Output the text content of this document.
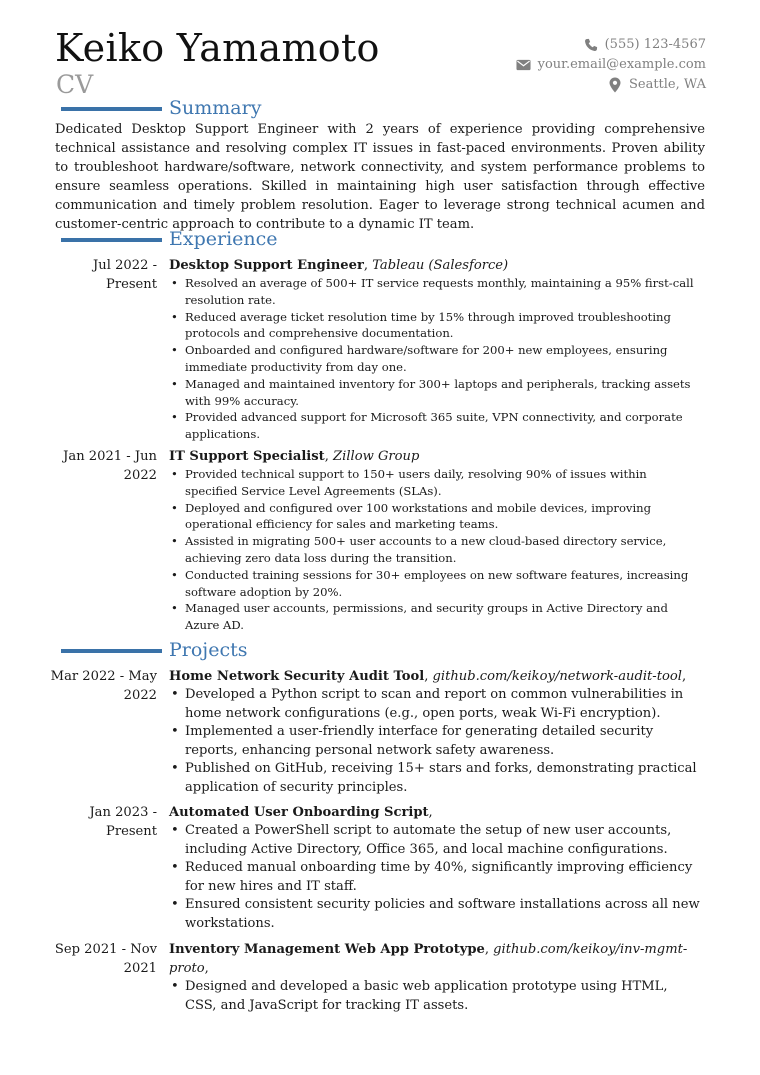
Keiko Yamamoto
CV
(555) 123-4567
your.email@example.com
Seattle, WA
Summary
Dedicated Desktop Support Engineer with 2 years of experience providing comprehensive technical assistance and resolving complex IT issues in fast-paced environments. Proven ability to troubleshoot hardware/software, network connectivity, and system performance problems to ensure seamless operations. Skilled in maintaining high user satisfaction through effective communication and timely problem resolution. Eager to leverage strong technical acumen and customer-centric approach to contribute to a dynamic IT team.
Experience
Jul 2022 - Present
Desktop Support Engineer, Tableau (Salesforce)
• Resolved an average of 500+ IT service requests monthly, maintaining a 95% first-call resolution rate.
• Reduced average ticket resolution time by 15% through improved troubleshooting protocols and comprehensive documentation.
• Onboarded and configured hardware/software for 200+ new employees, ensuring immediate productivity from day one.
• Managed and maintained inventory for 300+ laptops and peripherals, tracking assets with 99% accuracy.
• Provided advanced support for Microsoft 365 suite, VPN connectivity, and corporate applications.
Jan 2021 - Jun 2022
IT Support Specialist, Zillow Group
• Provided technical support to 150+ users daily, resolving 90% of issues within specified Service Level Agreements (SLAs).
• Deployed and configured over 100 workstations and mobile devices, improving operational efficiency for sales and marketing teams.
• Assisted in migrating 500+ user accounts to a new cloud-based directory service, achieving zero data loss during the transition.
• Conducted training sessions for 30+ employees on new software features, increasing software adoption by 20%.
• Managed user accounts, permissions, and security groups in Active Directory and Azure AD.
Projects
Mar 2022 - May 2022
Home Network Security Audit Tool, github.com/keikoy/network-audit-tool,
• Developed a Python script to scan and report on common vulnerabilities in home network configurations (e.g., open ports, weak Wi-Fi encryption).
• Implemented a user-friendly interface for generating detailed security reports, enhancing personal network safety awareness.
• Published on GitHub, receiving 15+ stars and forks, demonstrating practical application of security principles.
Jan 2023 - Present
Automated User Onboarding Script,
• Created a PowerShell script to automate the setup of new user accounts, including Active Directory, Office 365, and local machine configurations.
• Reduced manual onboarding time by 40%, significantly improving efficiency for new hires and IT staff.
• Ensured consistent security policies and software installations across all new workstations.
Sep 2021 - Nov 2021
Inventory Management Web App Prototype, github.com/keikoy/inv-mgmt-proto,
• Designed and developed a basic web application prototype using HTML, CSS, and JavaScript for tracking IT assets.
